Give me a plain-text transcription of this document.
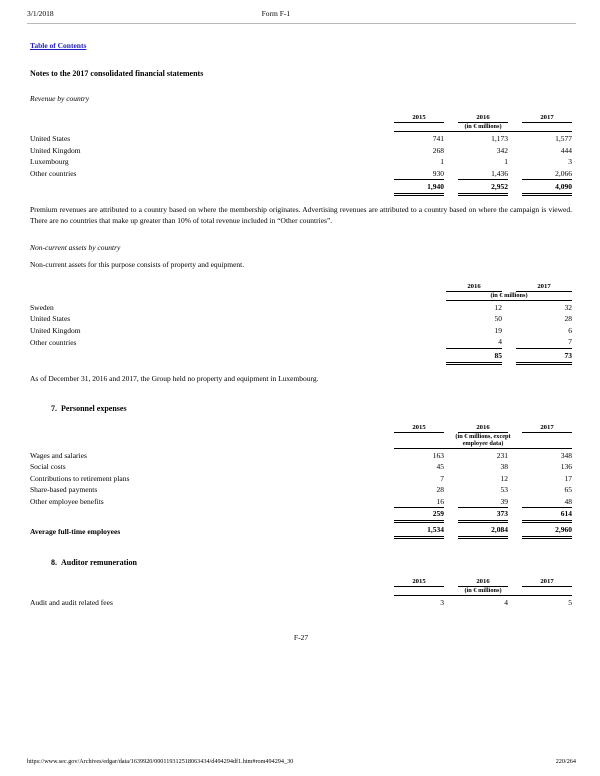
3/1/2018	Form F-1
Table of Contents
Notes to the 2017 consolidated financial statements
Revenue by country
		2015		2016		2017
		(in € millions)				
United States		741		1,173		1,577
United Kingdom		268		342		444
Luxembourg		1		1		3
Other countries		930		1,436		2,066
		1,940		2,952		4,090
Premium revenues are attributed to a country based on where the membership originates. Advertising revenues are attributed to a country based on where the campaign is viewed. There are no countries that make up greater than 10% of total revenue included in “Other countries”.
Non-current assets by country
Non-current assets for this purpose consists of property and equipment.
		2016		2017
		(in € millions)		
Sweden		12		32
United States		50		28
United Kingdom		19		6
Other countries		4		7
		85		73
As of December 31, 2016 and 2017, the Group held no property and equipment in Luxembourg.
7. Personnel expenses
		2015		2016		2017
		(in € millions, except
employee data)				
Wages and salaries		163		231		348
Social costs		45		38		136
Contributions to retirement plans		7		12		17
Share-based payments		28		53		65
Other employee benefits		16		39		48
		259		373		614
Average full-time employees		1,534		2,084		2,960
8. Auditor remuneration
		2015		2016		2017
		(in € millions)				
Audit and audit related fees		3		4		5
F-27
https://www.sec.gov/Archives/edgar/data/1639920/000119312518063434/d494294df1.htm#rom494294_30	220/264
